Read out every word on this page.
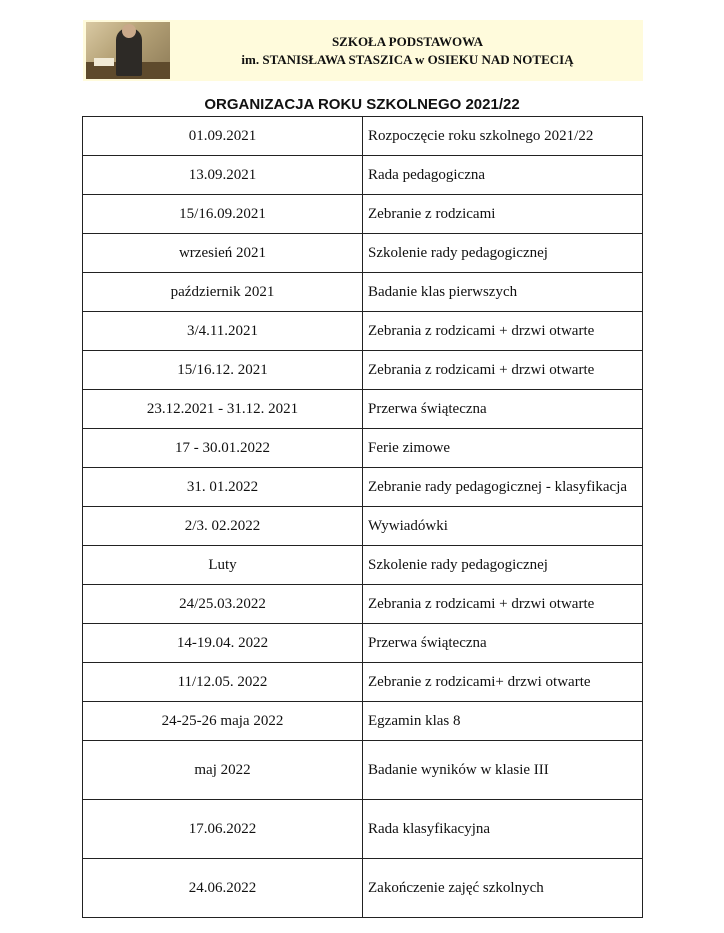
SZKOŁA PODSTAWOWA
im. STANISŁAWA STASZICA w OSIEKU NAD NOTECIĄ
ORGANIZACJA ROKU SZKOLNEGO 2021/22
01.09.2021	Rozpoczęcie roku szkolnego 2021/22
13.09.2021	Rada pedagogiczna
15/16.09.2021	Zebranie z rodzicami
wrzesień 2021	Szkolenie rady pedagogicznej
październik 2021	Badanie klas pierwszych
3/4.11.2021	Zebrania z rodzicami + drzwi otwarte
15/16.12. 2021	Zebrania z rodzicami + drzwi otwarte
23.12.2021 - 31.12. 2021	Przerwa świąteczna
17 - 30.01.2022	Ferie zimowe
31. 01.2022	Zebranie rady pedagogicznej - klasyfikacja
2/3. 02.2022	Wywiadówki
Luty	Szkolenie rady pedagogicznej
24/25.03.2022	Zebrania z rodzicami + drzwi otwarte
14-19.04. 2022	Przerwa świąteczna
11/12.05. 2022	Zebranie z rodzicami+ drzwi otwarte
24-25-26 maja 2022	Egzamin klas 8
maj 2022	Badanie wyników w klasie III
17.06.2022	Rada klasyfikacyjna
24.06.2022	Zakończenie zajęć szkolnych
